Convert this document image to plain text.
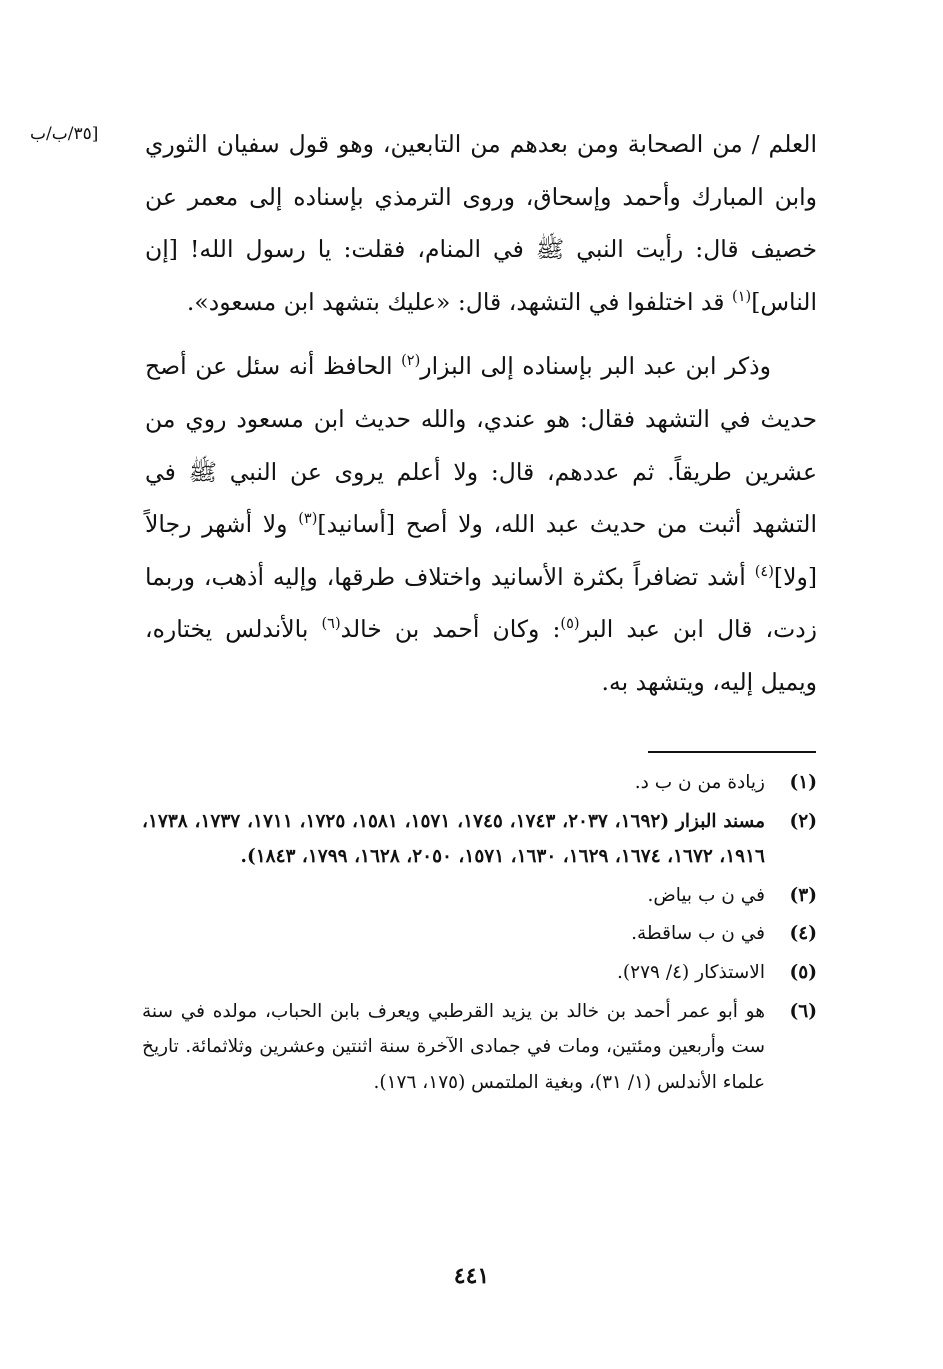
[۳٥/ب/ب	العلم / من الصحابة ومن بعدهم من التابعين، وهو قول سفيان الثوري وابن المبارك وأحمد وإسحاق، وروى الترمذي بإسناده إلى معمر عن خصيف قال: رأيت النبي ﷺ في المنام، فقلت: يا رسول الله! [إن الناس]$^{(١)}$ قد اختلفوا في التشهد، قال: «عليك بتشهد ابن مسعود».

وذكر ابن عبد البر بإسناده إلى البزار$^{(٢)}$ الحافظ أنه سئل عن أصح حديث في التشهد فقال: هو عندي، والله حديث ابن مسعود روي من عشرين طريقاً. ثم عددهم، قال: ولا أعلم يروى عن النبي ﷺ في التشهد أثبت من حديث عبد الله، ولا أصح [أسانيد]$^{(٣)}$ ولا أشهر رجالاً [ولا]$^{(٤)}$ أشد تضافراً بكثرة الأسانيد واختلاف طرقها، وإليه أذهب، وربما زدت، قال ابن عبد البر$^{(٥)}$: وكان أحمد بن خالد$^{(٦)}$ بالأندلس يختاره، ويميل إليه، ويتشهد به.

(١)
زيادة من ن ب د.
(٢)
مسند البزار (١٦٩٢، ٢٠٣٧، ١٧٤٣، ١٧٤٥، ١٥٧١، ١٥٨١، ١٧٢٥، ١٧١١، ١٧٣٧، ١٧٣٨، ١٩١٦، ١٦٧٢، ١٦٧٤، ١٦٢٩، ١٦٣٠، ١٥٧١، ٢٠٥٠، ١٦٢٨، ١٧٩٩، ١٨٤٣).
(٣)
في ن ب بياض.
(٤)
في ن ب ساقطة.
(٥)
الاستذكار (٤/ ٢٧٩).
(٦)
هو أبو عمر أحمد بن خالد بن يزيد القرطبي ويعرف بابن الحباب، مولده في سنة ست وأربعين ومئتين، ومات في جمادى الآخرة سنة اثنتين وعشرين وثلاثمائة. تاريخ علماء الأندلس (١/ ٣١)، وبغية الملتمس (١٧٥، ١٧٦).
٤٤١
